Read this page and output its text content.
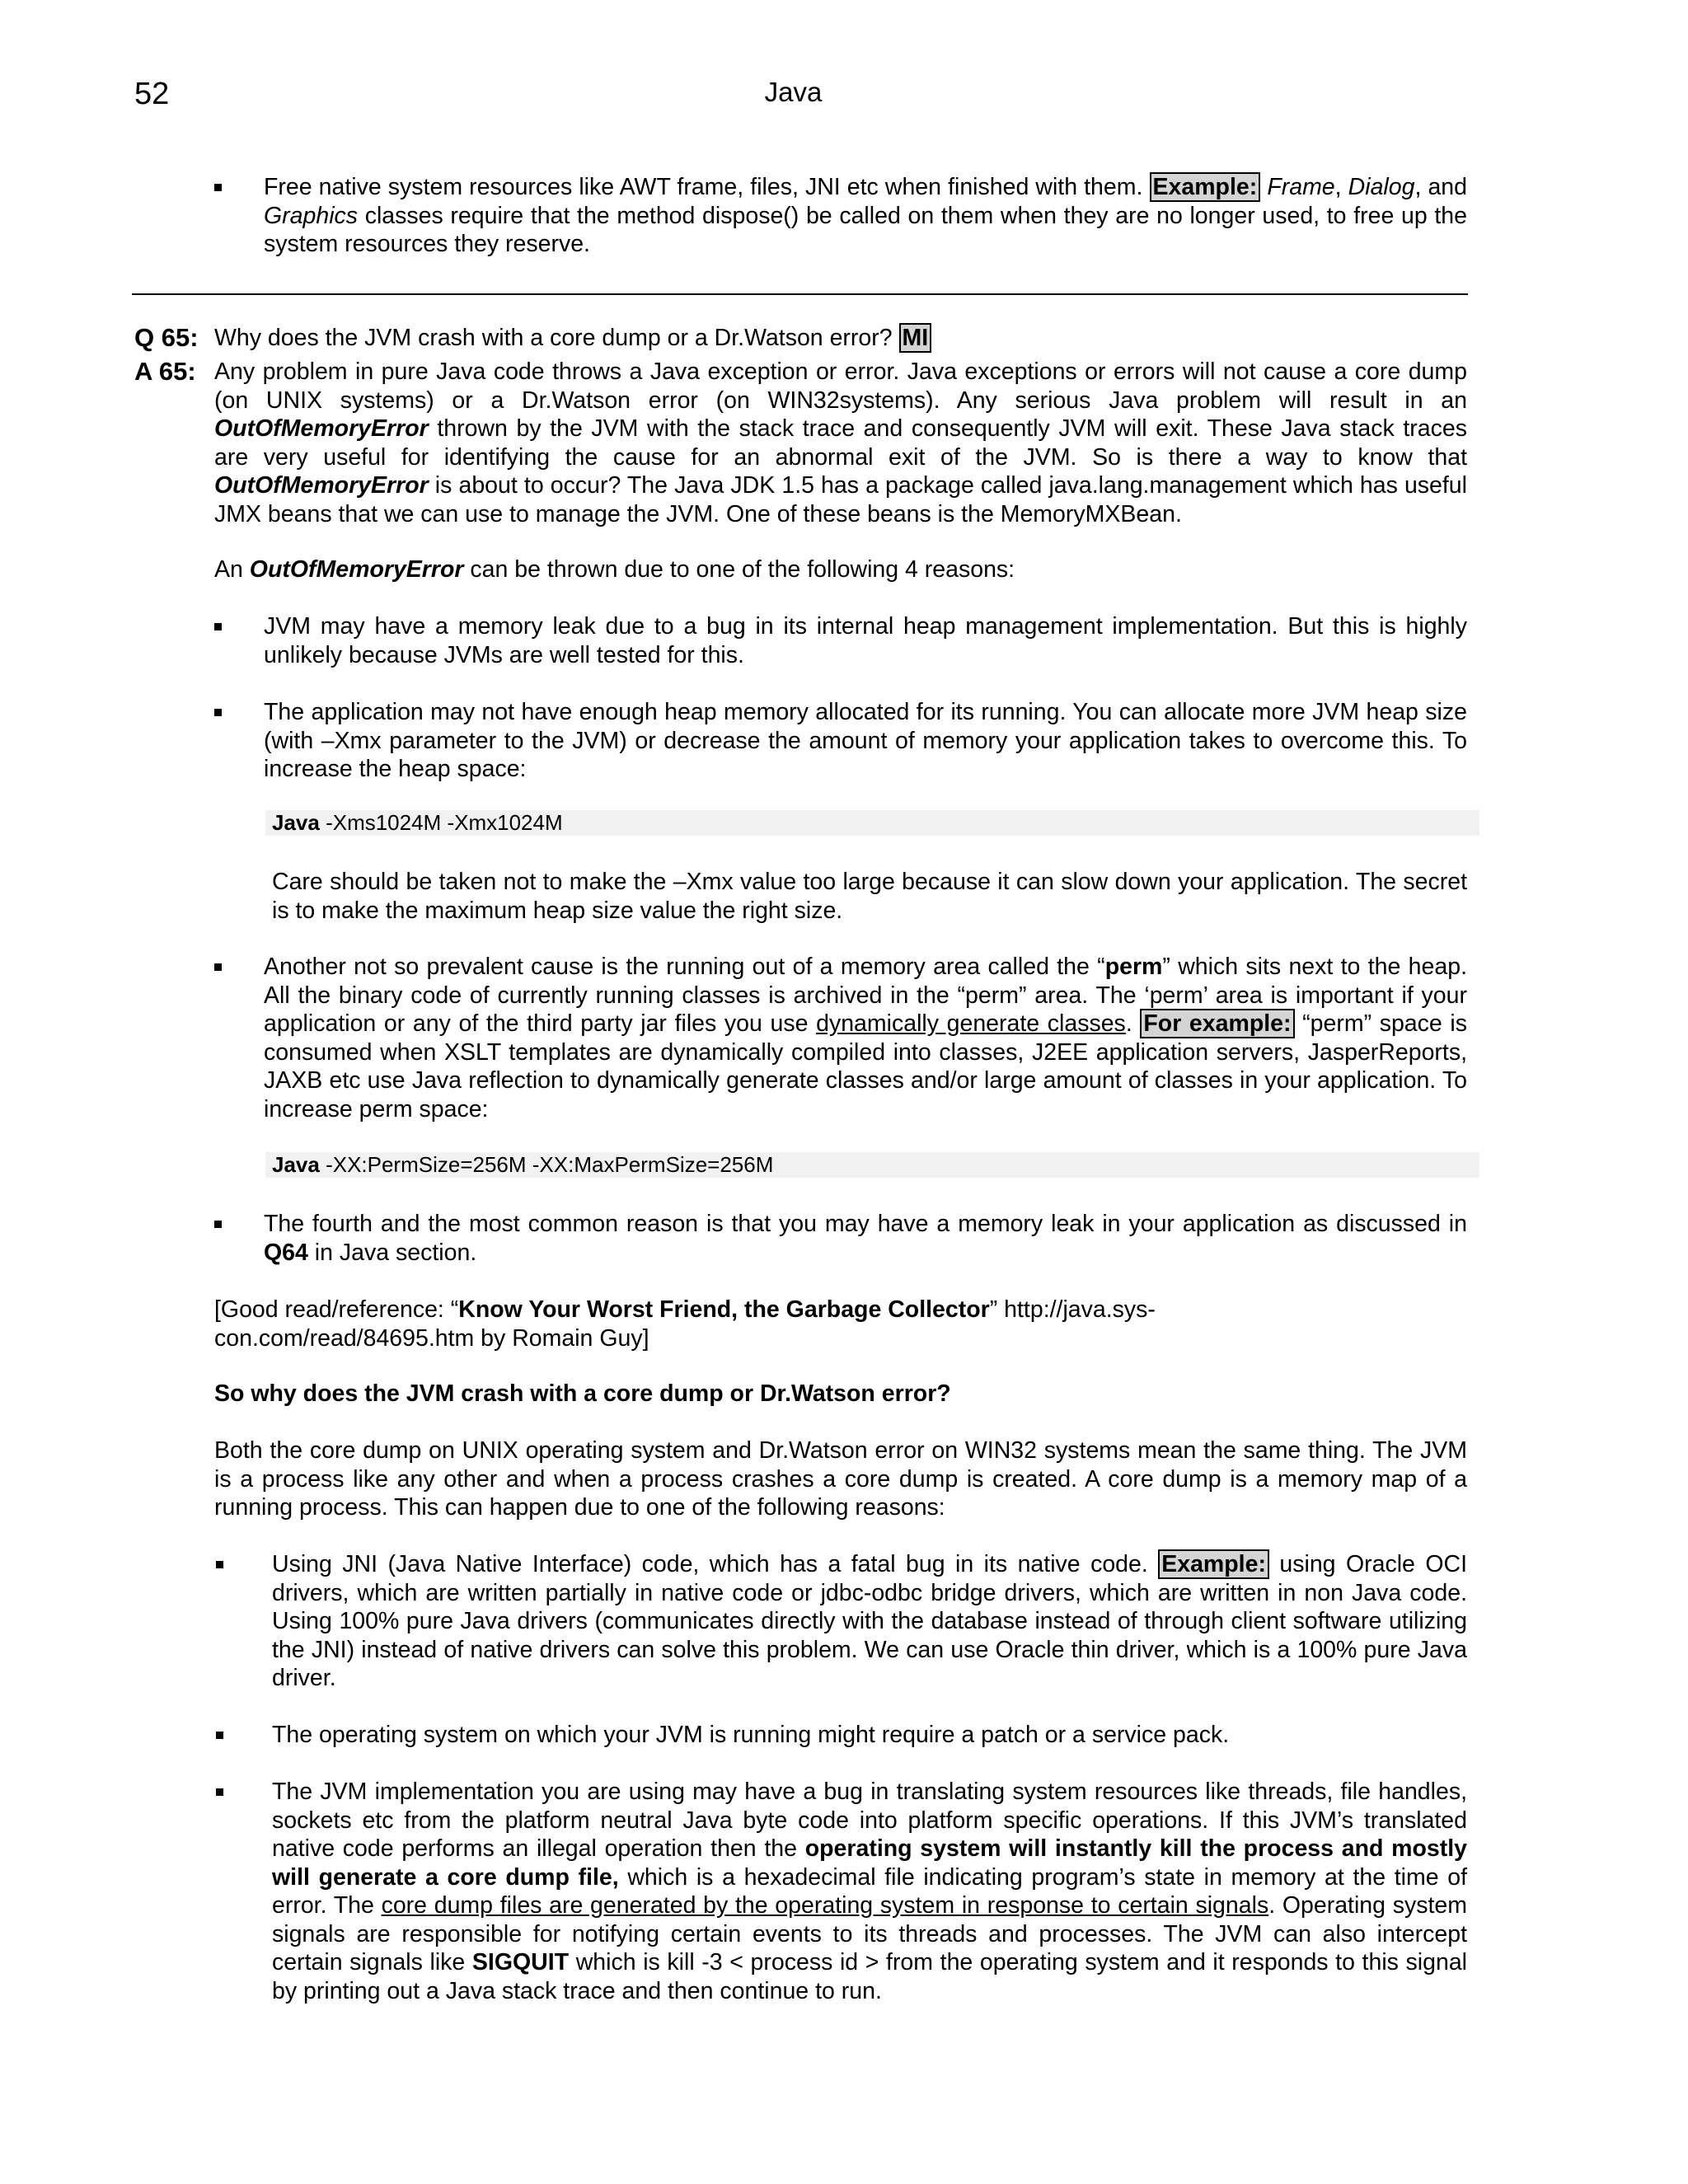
52	Java

Free native system resources like AWT frame, files, JNI etc when finished with them. Example: Frame, Dialog, and Graphics classes require that the method dispose() be called on them when they are no longer used, to free up the system resources they reserve.

Q 65: Why does the JVM crash with a core dump or a Dr.Watson error? MI

A 65: Any problem in pure Java code throws a Java exception or error. Java exceptions or errors will not cause a core dump (on UNIX systems) or a Dr.Watson error (on WIN32systems). Any serious Java problem will result in an OutOfMemoryError thrown by the JVM with the stack trace and consequently JVM will exit. These Java stack traces are very useful for identifying the cause for an abnormal exit of the JVM. So is there a way to know that OutOfMemoryError is about to occur? The Java JDK 1.5 has a package called java.lang.management which has useful JMX beans that we can use to manage the JVM. One of these beans is the MemoryMXBean.

An OutOfMemoryError can be thrown due to one of the following 4 reasons:

JVM may have a memory leak due to a bug in its internal heap management implementation. But this is highly unlikely because JVMs are well tested for this.

The application may not have enough heap memory allocated for its running. You can allocate more JVM heap size (with –Xmx parameter to the JVM) or decrease the amount of memory your application takes to overcome this. To increase the heap space:

Java -Xms1024M -Xmx1024M

Care should be taken not to make the –Xmx value too large because it can slow down your application. The secret is to make the maximum heap size value the right size.

Another not so prevalent cause is the running out of a memory area called the “perm” which sits next to the heap. All the binary code of currently running classes is archived in the “perm” area. The ‘perm’ area is important if your application or any of the third party jar files you use dynamically generate classes. For example: “perm” space is consumed when XSLT templates are dynamically compiled into classes, J2EE application servers, JasperReports, JAXB etc use Java reflection to dynamically generate classes and/or large amount of classes in your application. To increase perm space:

Java -XX:PermSize=256M -XX:MaxPermSize=256M

The fourth and the most common reason is that you may have a memory leak in your application as discussed in Q64 in Java section.

[Good read/reference: “Know Your Worst Friend, the Garbage Collector” http://java.sys-
con.com/read/84695.htm by Romain Guy]

So why does the JVM crash with a core dump or Dr.Watson error?

Both the core dump on UNIX operating system and Dr.Watson error on WIN32 systems mean the same thing. The JVM is a process like any other and when a process crashes a core dump is created. A core dump is a memory map of a running process. This can happen due to one of the following reasons:

Using JNI (Java Native Interface) code, which has a fatal bug in its native code. Example: using Oracle OCI drivers, which are written partially in native code or jdbc-odbc bridge drivers, which are written in non Java code. Using 100% pure Java drivers (communicates directly with the database instead of through client software utilizing the JNI) instead of native drivers can solve this problem. We can use Oracle thin driver, which is a 100% pure Java driver.

The operating system on which your JVM is running might require a patch or a service pack.

The JVM implementation you are using may have a bug in translating system resources like threads, file handles, sockets etc from the platform neutral Java byte code into platform specific operations. If this JVM’s translated native code performs an illegal operation then the operating system will instantly kill the process and mostly will generate a core dump file, which is a hexadecimal file indicating program’s state in memory at the time of error. The core dump files are generated by the operating system in response to certain signals. Operating system signals are responsible for notifying certain events to its threads and processes. The JVM can also intercept certain signals like SIGQUIT which is kill -3 < process id > from the operating system and it responds to this signal by printing out a Java stack trace and then continue to run.
